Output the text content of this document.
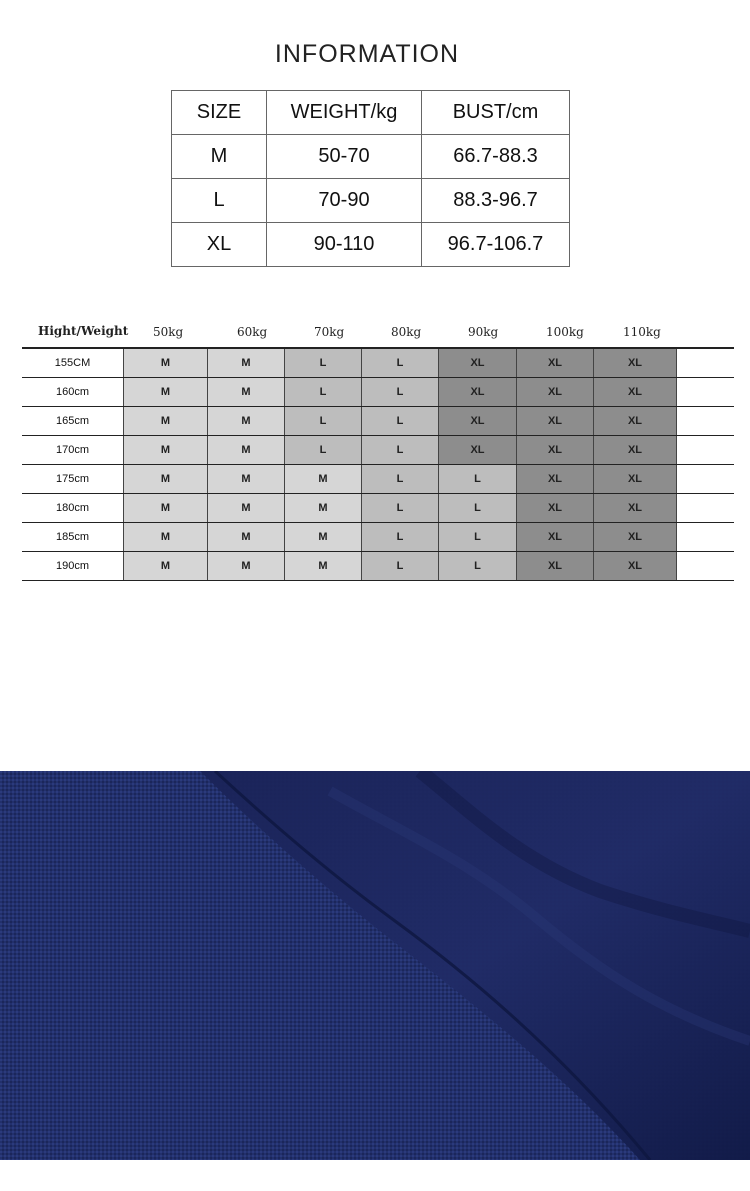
INFORMATION
SIZE	WEIGHT/kg	BUST/cm
M	50-70	66.7-88.3
L	70-90	88.3-96.7
XL	90-110	96.7-106.7
Hight/Weight 50kg	60kg	70kg	80kg	90kg	100kg	110kg
155CM	M	M	L	L	XL	XL	XL
160cm	M	M	L	L	XL	XL	XL
165cm	M	M	L	L	XL	XL	XL
170cm	M	M	L	L	XL	XL	XL
175cm	M	M	M	L	L	XL	XL
180cm	M	M	M	L	L	XL	XL
185cm	M	M	M	L	L	XL	XL
190cm	M	M	M	L	L	XL	XL
